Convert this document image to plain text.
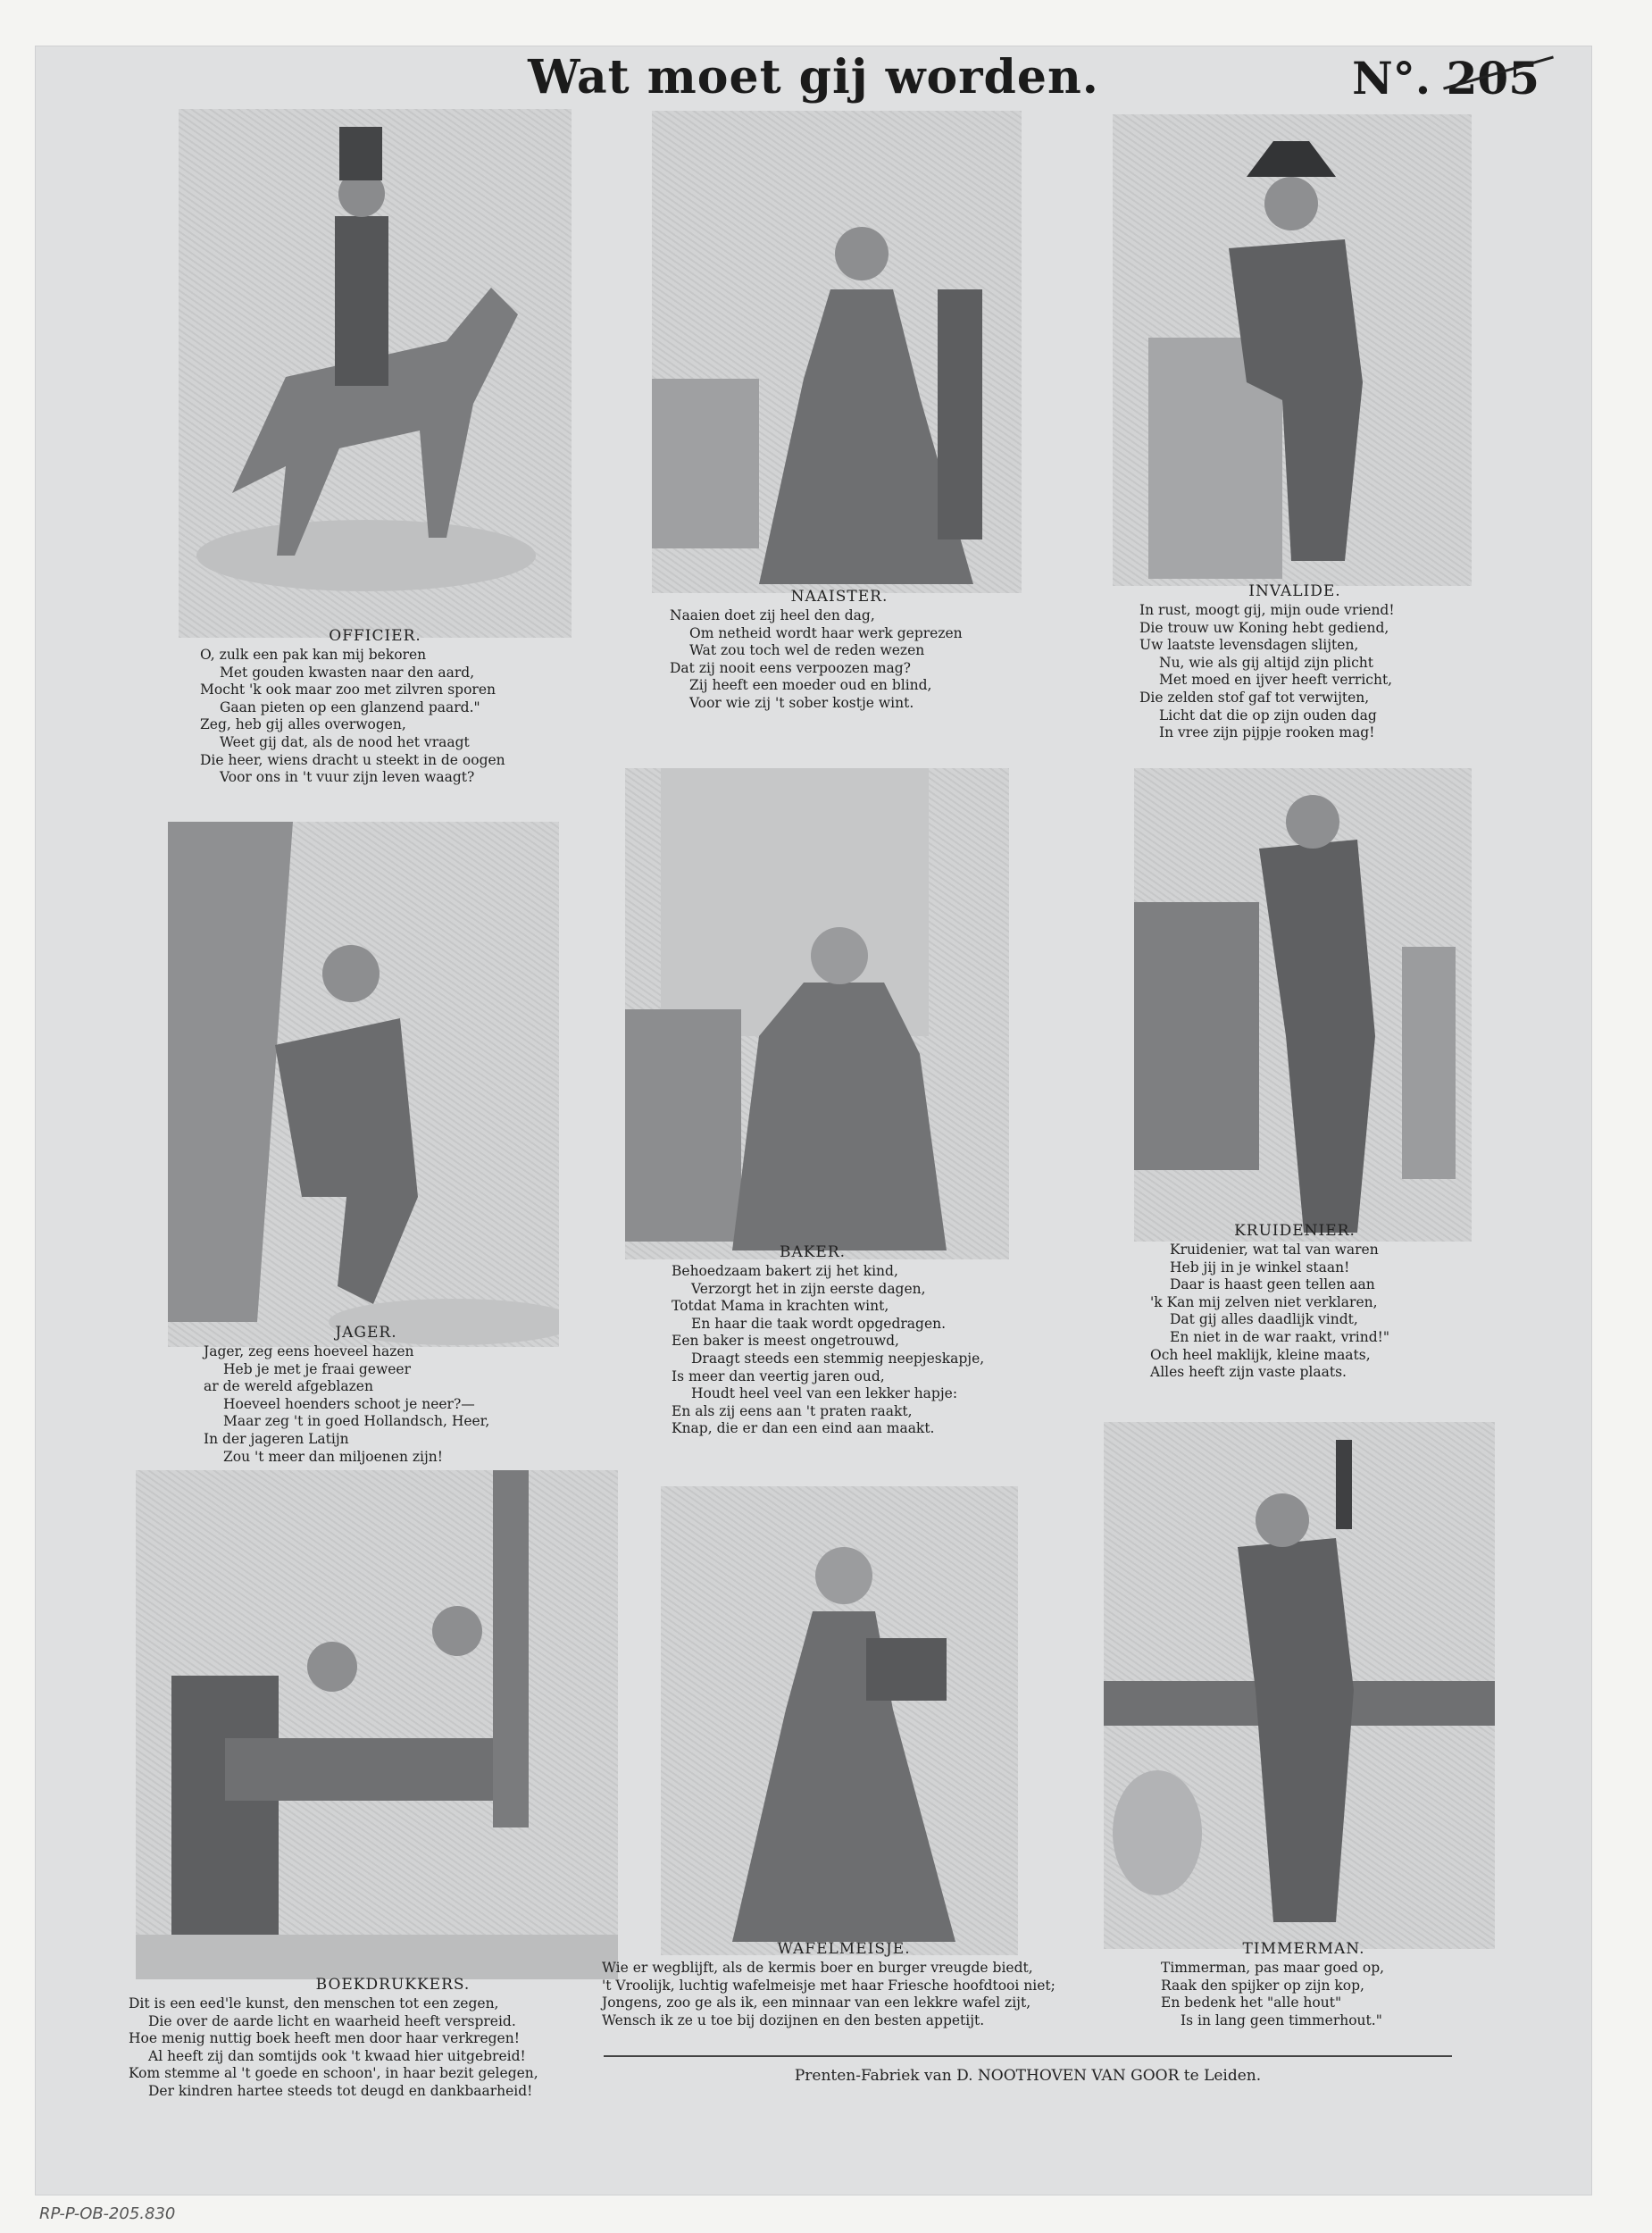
Wat moet gij worden.	N°. 205
OFFICIER.
O, zulk een pak kan mij bekoren
Met gouden kwasten naar den aard,
Mocht 'k ook maar zoo met zilvren sporen
Gaan pieten op een glanzend paard."
Zeg, heb gij alles overwogen,
Weet gij dat, als de nood het vraagt
Die heer, wiens dracht u steekt in de oogen
Voor ons in 't vuur zijn leven waagt?
NAAISTER.
Naaien doet zij heel den dag,
Om netheid wordt haar werk geprezen
Wat zou toch wel de reden wezen
Dat zij nooit eens verpoozen mag?
Zij heeft een moeder oud en blind,
Voor wie zij 't sober kostje wint.
INVALIDE.
In rust, moogt gij, mijn oude vriend!
Die trouw uw Koning hebt gediend,
Uw laatste levensdagen slijten,
Nu, wie als gij altijd zijn plicht
Met moed en ijver heeft verricht,
Die zelden stof gaf tot verwijten,
Licht dat die op zijn ouden dag
In vree zijn pijpje rooken mag!
JAGER.
Jager, zeg eens hoeveel hazen
Heb je met je fraai geweer
ar de wereld afgeblazen
Hoeveel hoenders schoot je neer?—
Maar zeg 't in goed Hollandsch, Heer,
In der jageren Latijn
Zou 't meer dan miljoenen zijn!
BAKER.
Behoedzaam bakert zij het kind,
Verzorgt het in zijn eerste dagen,
Totdat Mama in krachten wint,
En haar die taak wordt opgedragen.
Een baker is meest ongetrouwd,
Draagt steeds een stemmig neepjeskapje,
Is meer dan veertig jaren oud,
Houdt heel veel van een lekker hapje:
En als zij eens aan 't praten raakt,
Knap, die er dan een eind aan maakt.
KRUIDENIER.
Kruidenier, wat tal van waren
Heb jij in je winkel staan!
Daar is haast geen tellen aan
'k Kan mij zelven niet verklaren,
Dat gij alles daadlijk vindt,
En niet in de war raakt, vrind!"
Och heel maklijk, kleine maats,
Alles heeft zijn vaste plaats.
BOEKDRUKKERS.
Dit is een eed'le kunst, den menschen tot een zegen,
Die over de aarde licht en waarheid heeft verspreid.
Hoe menig nuttig boek heeft men door haar verkregen!
Al heeft zij dan somtijds ook 't kwaad hier uitgebreid!
Kom stemme al 't goede en schoon', in haar bezit gelegen,
Der kindren hartee steeds tot deugd en dankbaarheid!
WAFELMEISJE.
Wie er wegblijft, als de kermis boer en burger vreugde biedt,
't Vroolijk, luchtig wafelmeisje met haar Friesche hoofdtooi niet;
Jongens, zoo ge als ik, een minnaar van een lekkre wafel zijt,
Wensch ik ze u toe bij dozijnen en den besten appetijt.
TIMMERMAN.
Timmerman, pas maar goed op,
Raak den spijker op zijn kop,
En bedenk het "alle hout"
Is in lang geen timmerhout."
Prenten-Fabriek van D. NOOTHOVEN VAN GOOR te Leiden.
RP-P-OB-205.830
